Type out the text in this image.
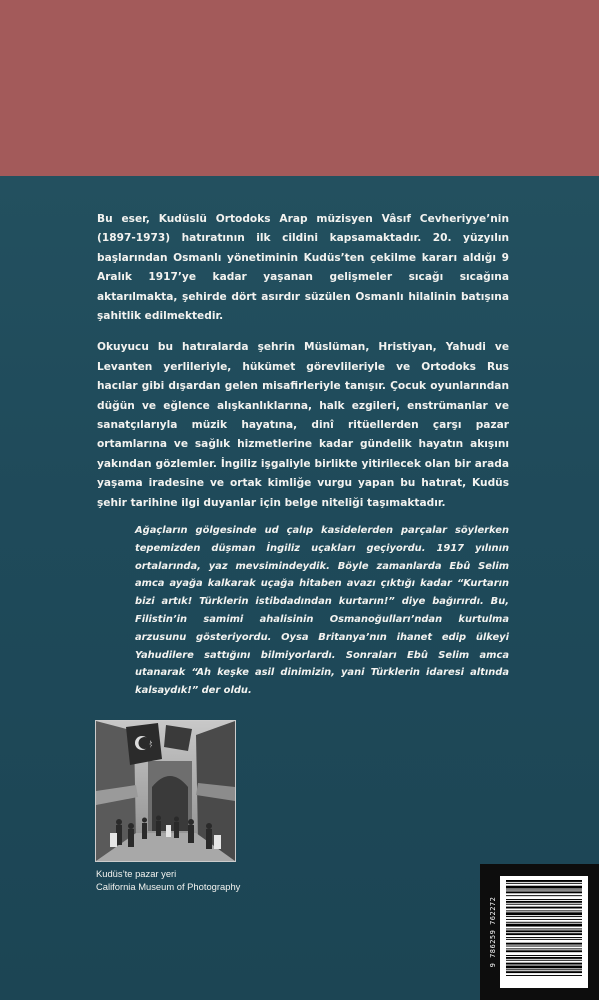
Bu eser, Kudüslü Ortodoks Arap müzisyen Vâsıf Cevheriyye’nin (1897-1973) hatıratının ilk cildini kapsamaktadır. 20. yüzyılın başlarından Osmanlı yönetiminin Kudüs’ten çekilme kararı aldığı 9 Aralık 1917’ye kadar yaşanan gelişmeler sıcağı sıcağına aktarılmakta, şehirde dört asırdır süzülen Osmanlı hilalinin batışına şahitlik edilmektedir.

Okuyucu bu hatıralarda şehrin Müslüman, Hristiyan, Yahudi ve Levanten yerlileriyle, hükümet görevlileriyle ve Ortodoks Rus hacılar gibi dışardan gelen misafirleriyle tanışır. Çocuk oyunlarından düğün ve eğlence alışkanlıklarına, halk ezgileri, enstrümanlar ve sanatçılarıyla müzik hayatına, dinî ritüellerden çarşı pazar ortamlarına ve sağlık hizmetlerine kadar gündelik hayatın akışını yakından gözlemler. İngiliz işgaliyle birlikte yitirilecek olan bir arada yaşama iradesine ve ortak kimliğe vurgu yapan bu hatırat, Kudüs şehir tarihine ilgi duyanlar için belge niteliği taşımaktadır.

Ağaçların gölgesinde ud çalıp kasidelerden parçalar söylerken tepemizden düşman İngiliz uçakları geçiyordu. 1917 yılının ortalarında, yaz mevsimindeydik. Böyle zamanlarda Ebû Selim amca ayağa kalkarak uçağa hitaben avazı çıktığı kadar “Kurtarın bizi artık! Türklerin istibdadından kurtarın!” diye bağırırdı. Bu, Filistin’in samimi ahalisinin Osmanoğulları’ndan kurtulma arzusunu gösteriyordu. Oysa Britanya’nın ihanet edip ülkeyi Yahudilere sattığını bilmiyorlardı. Sonraları Ebû Selim amca utanarak “Ah keşke asil dinimizin, yani Türklerin idaresi altında kalsaydık!” der oldu.

Kudüs’te pazar yeri
California Museum of Photography
9 786259 762272
